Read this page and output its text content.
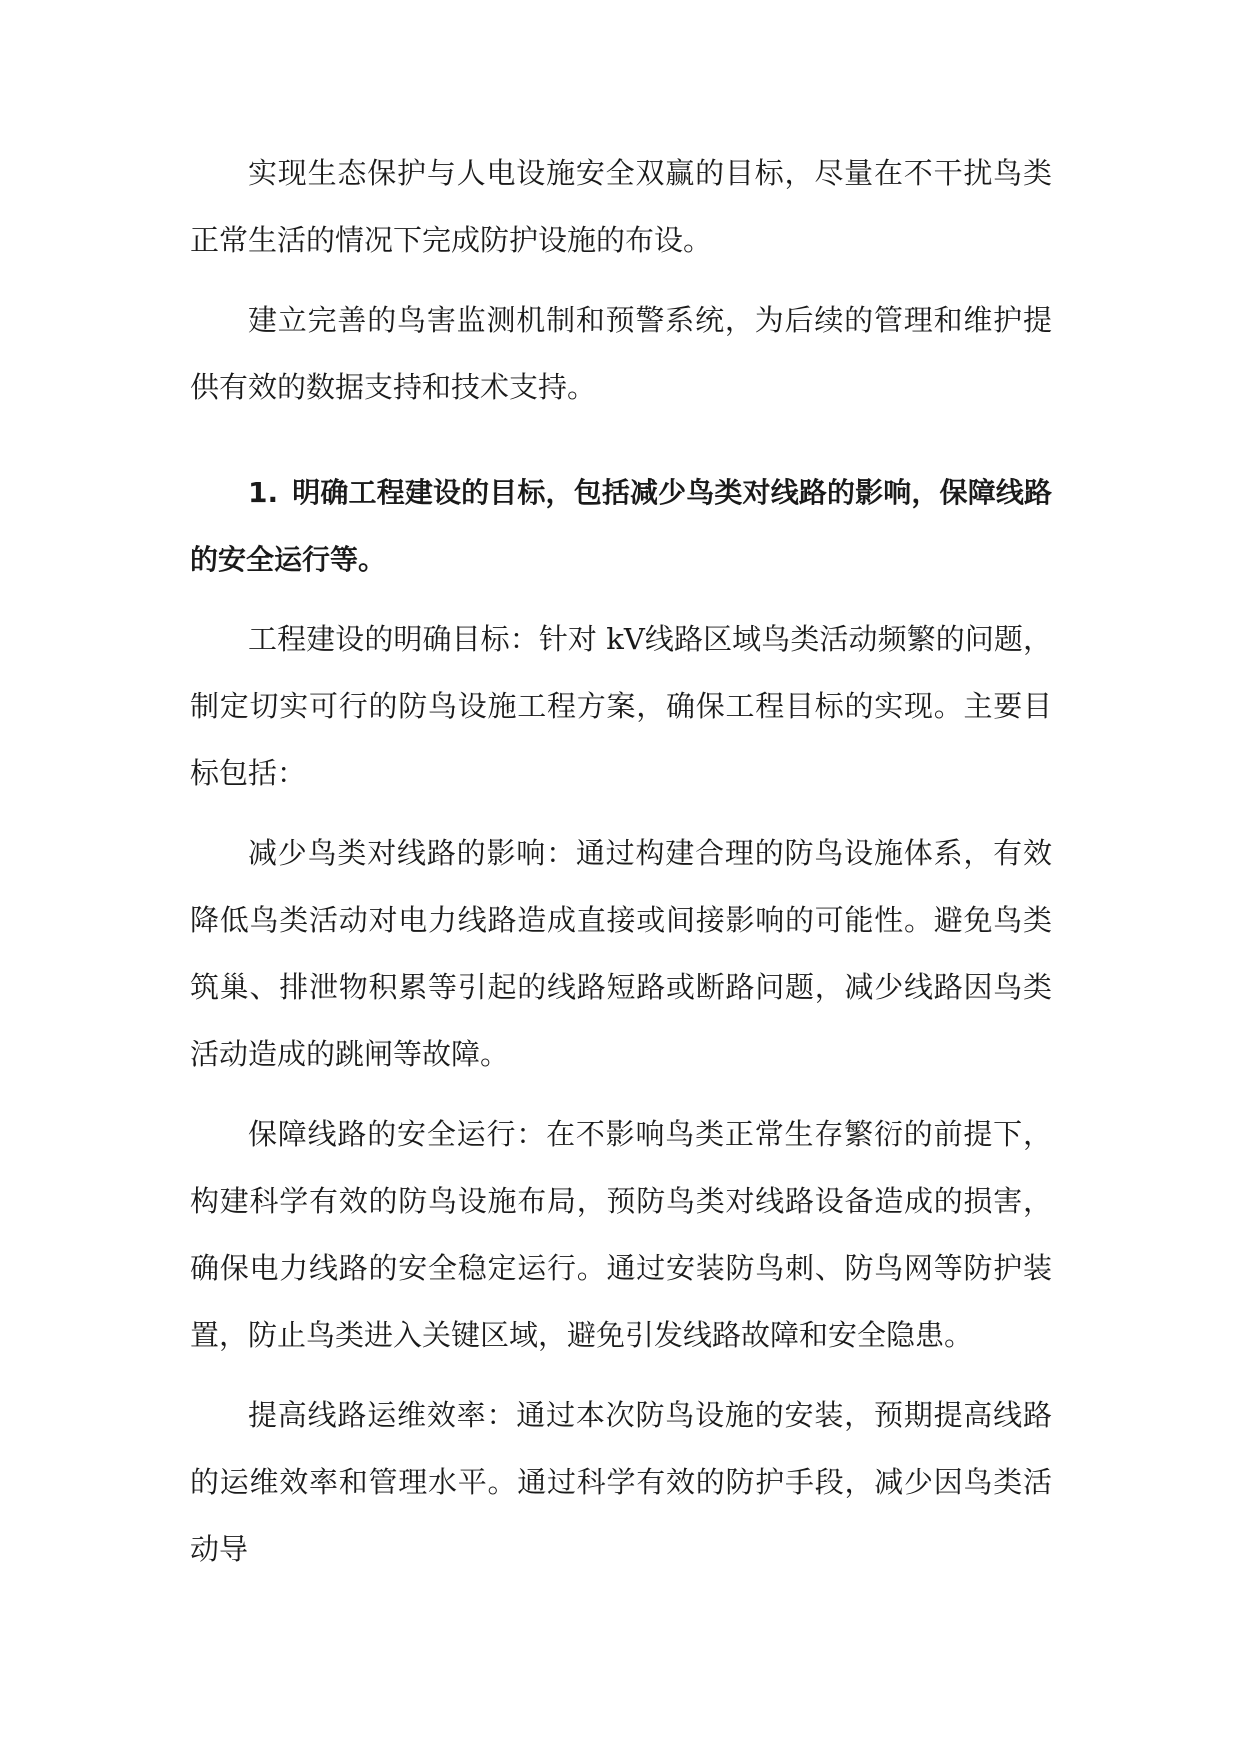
实现生态保护与人电设施安全双赢的目标，尽量在不干扰鸟类正常生活的情况下完成防护设施的布设。

建立完善的鸟害监测机制和预警系统，为后续的管理和维护提供有效的数据支持和技术支持。

1. 明确工程建设的目标，包括减少鸟类对线路的影响，保障线路的安全运行等。

工程建设的明确目标：针对 kV线路区域鸟类活动频繁的问题，制定切实可行的防鸟设施工程方案，确保工程目标的实现。主要目标包括：

减少鸟类对线路的影响：通过构建合理的防鸟设施体系，有效降低鸟类活动对电力线路造成直接或间接影响的可能性。避免鸟类筑巢、排泄物积累等引起的线路短路或断路问题，减少线路因鸟类活动造成的跳闸等故障。

保障线路的安全运行：在不影响鸟类正常生存繁衍的前提下，构建科学有效的防鸟设施布局，预防鸟类对线路设备造成的损害，确保电力线路的安全稳定运行。通过安装防鸟刺、防鸟网等防护装置，防止鸟类进入关键区域，避免引发线路故障和安全隐患。

提高线路运维效率：通过本次防鸟设施的安装，预期提高线路的运维效率和管理水平。通过科学有效的防护手段，减少因鸟类活动导
